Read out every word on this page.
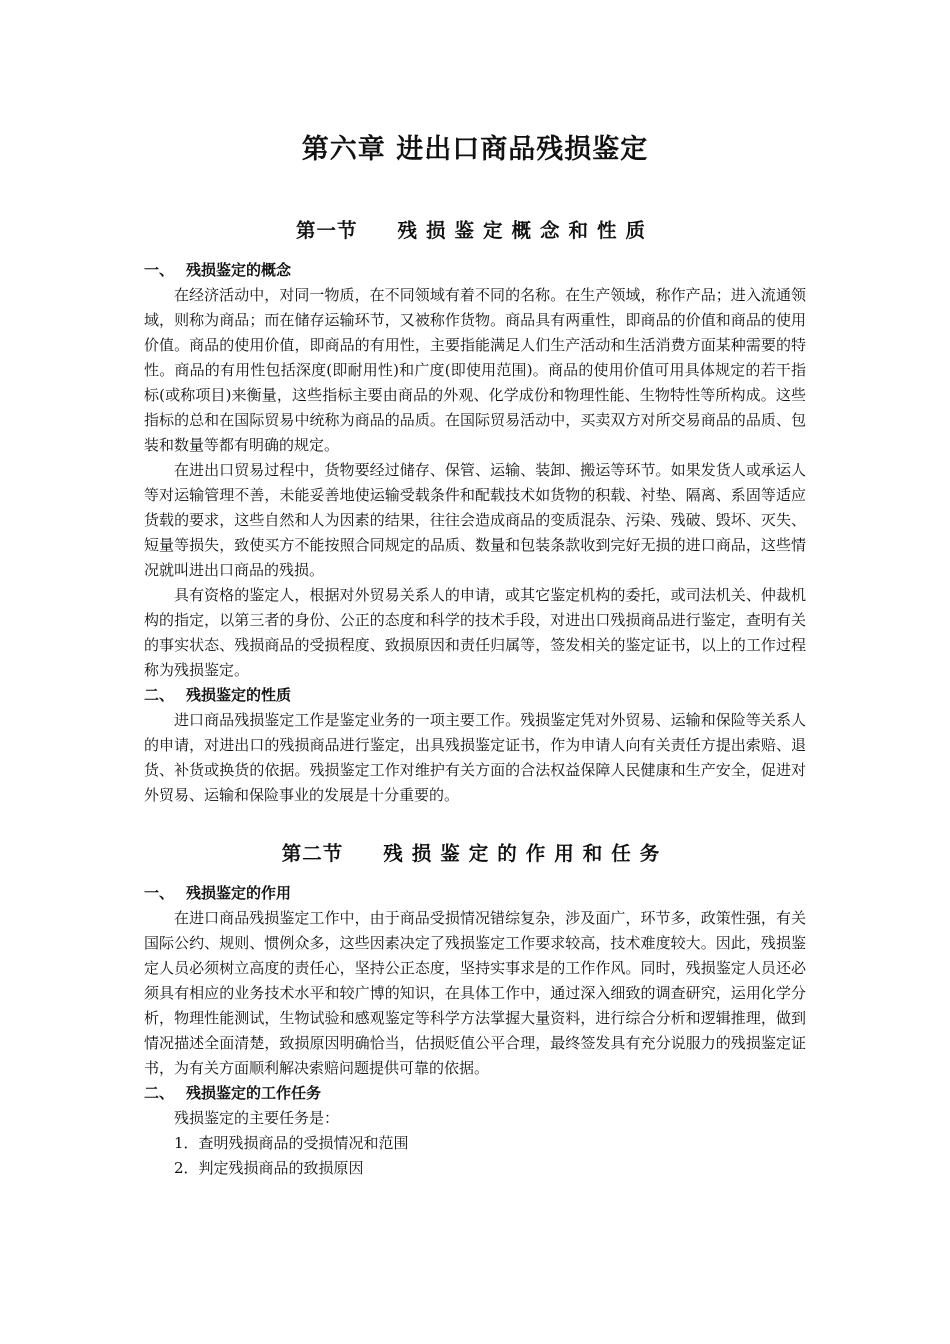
第六章 进出口商品残损鉴定
第一节 残损鉴定概念和性质

一、 残损鉴定的概念

在经济活动中，对同一物质，在不同领域有着不同的名称。在生产领域，称作产品；进入流通领域，则称为商品；而在储存运输环节，又被称作货物。商品具有两重性，即商品的价值和商品的使用价值。商品的使用价值，即商品的有用性，主要指能满足人们生产活动和生活消费方面某种需要的特性。商品的有用性包括深度(即耐用性)和广度(即使用范围)。商品的使用价值可用具体规定的若干指标(或称项目)来衡量，这些指标主要由商品的外观、化学成份和物理性能、生物特性等所构成。这些指标的总和在国际贸易中统称为商品的品质。在国际贸易活动中，买卖双方对所交易商品的品质、包装和数量等都有明确的规定。

在进出口贸易过程中，货物要经过储存、保管、运输、装卸、搬运等环节。如果发货人或承运人等对运输管理不善，未能妥善地使运输受载条件和配载技术如货物的积载、衬垫、隔离、系固等适应货载的要求，这些自然和人为因素的结果，往往会造成商品的变质混杂、污染、残破、毁坏、灭失、短量等损失，致使买方不能按照合同规定的品质、数量和包装条款收到完好无损的进口商品，这些情况就叫进出口商品的残损。

具有资格的鉴定人，根据对外贸易关系人的申请，或其它鉴定机构的委托，或司法机关、仲裁机构的指定，以第三者的身份、公正的态度和科学的技术手段，对进出口残损商品进行鉴定，查明有关的事实状态、残损商品的受损程度、致损原因和责任归属等，签发相关的鉴定证书，以上的工作过程称为残损鉴定。

二、 残损鉴定的性质

进口商品残损鉴定工作是鉴定业务的一项主要工作。残损鉴定凭对外贸易、运输和保险等关系人的申请，对进出口的残损商品进行鉴定，出具残损鉴定证书，作为申请人向有关责任方提出索赔、退货、补货或换货的依据。残损鉴定工作对维护有关方面的合法权益保障人民健康和生产安全，促进对外贸易、运输和保险事业的发展是十分重要的。

第二节 残损鉴定的作用和任务

一、 残损鉴定的作用

在进口商品残损鉴定工作中，由于商品受损情况错综复杂，涉及面广，环节多，政策性强，有关国际公约、规则、惯例众多，这些因素决定了残损鉴定工作要求较高，技术难度较大。因此，残损鉴定人员必须树立高度的责任心，坚持公正态度，坚持实事求是的工作作风。同时，残损鉴定人员还必须具有相应的业务技术水平和较广博的知识，在具体工作中，通过深入细致的调查研究，运用化学分析，物理性能测试，生物试验和感观鉴定等科学方法掌握大量资料，进行综合分析和逻辑推理，做到情况描述全面清楚，致损原因明确恰当，估损贬值公平合理，最终签发具有充分说服力的残损鉴定证书，为有关方面顺利解决索赔问题提供可靠的依据。

二、 残损鉴定的工作任务

残损鉴定的主要任务是：

1．查明残损商品的受损情况和范围

2．判定残损商品的致损原因
